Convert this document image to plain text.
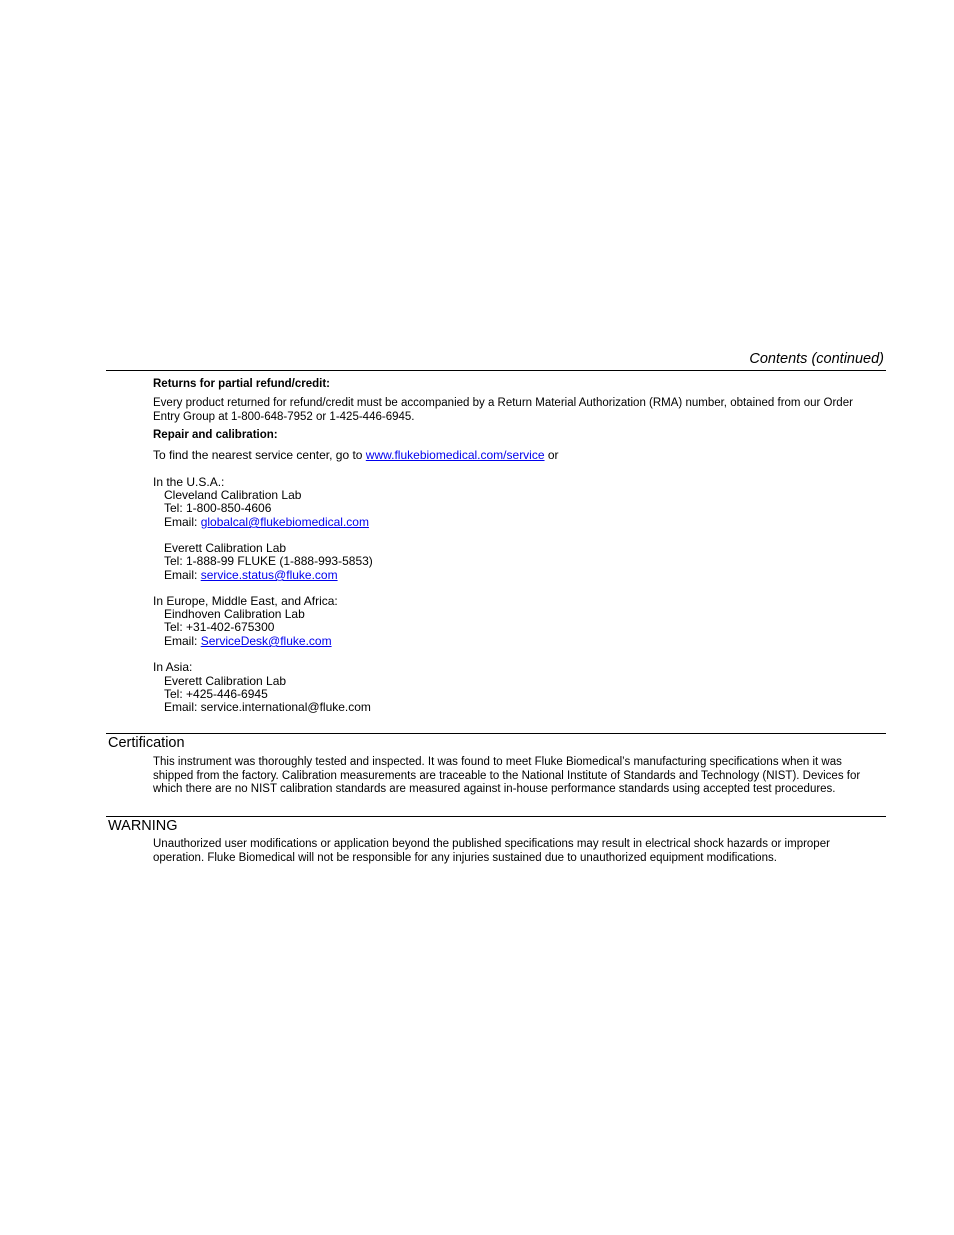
Contents (continued)
Returns for partial refund/credit:
Every product returned for refund/credit must be accompanied by a Return Material Authorization (RMA) number, obtained from our Order Entry Group at 1-800-648-7952 or 1-425-446-6945.
Repair and calibration:
To find the nearest service center, go to www.flukebiomedical.com/service or
In the U.S.A.:
Cleveland Calibration Lab
Tel: 1-800-850-4606
Email: globalcal@flukebiomedical.com
Everett Calibration Lab
Tel: 1-888-99 FLUKE (1-888-993-5853)
Email: service.status@fluke.com
In Europe, Middle East, and Africa:
Eindhoven Calibration Lab
Tel: +31-402-675300
Email: ServiceDesk@fluke.com
In Asia:
Everett Calibration Lab
Tel: +425-446-6945
Email: service.international@fluke.com
Certification
This instrument was thoroughly tested and inspected. It was found to meet Fluke Biomedical’s manufacturing specifications when it was shipped from the factory. Calibration measurements are traceable to the National Institute of Standards and Technology (NIST). Devices for which there are no NIST calibration standards are measured against in-house performance standards using accepted test procedures.
WARNING
Unauthorized user modifications or application beyond the published specifications may result in electrical shock hazards or improper operation. Fluke Biomedical will not be responsible for any injuries sustained due to unauthorized equipment modifications.
